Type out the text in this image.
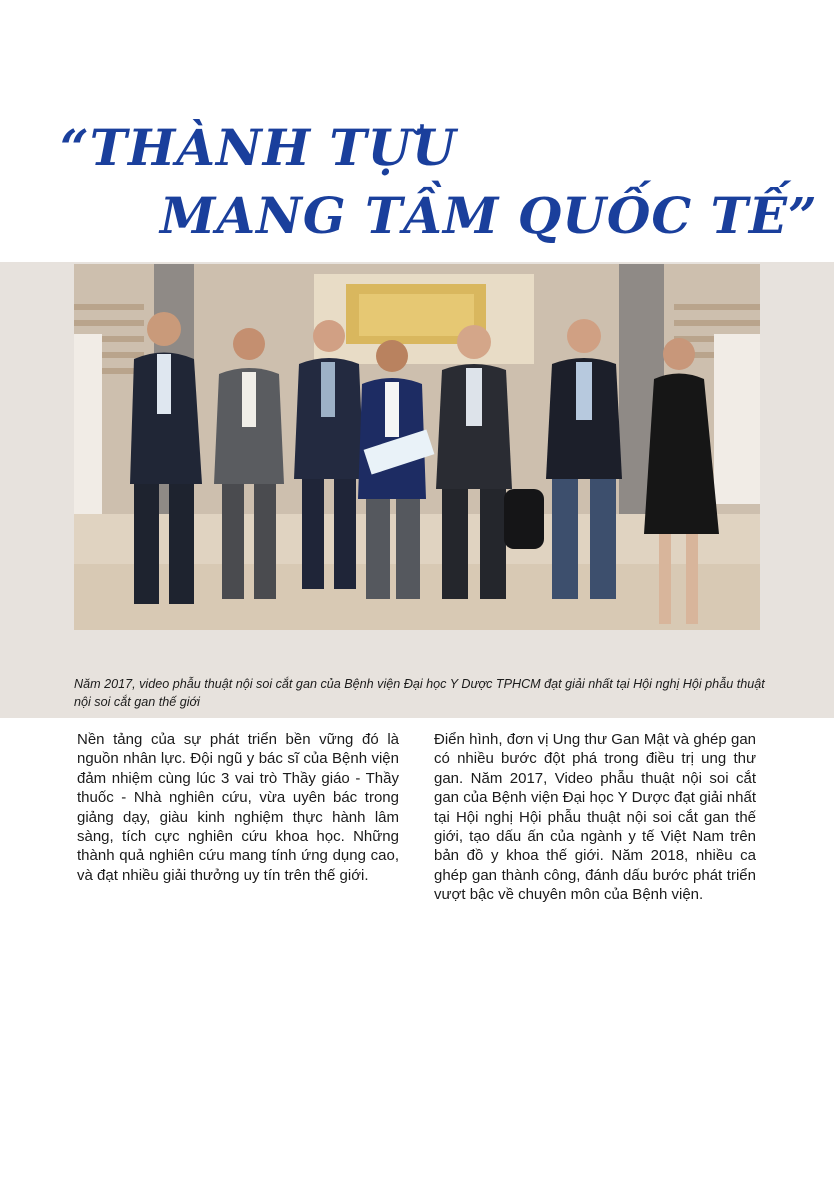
“THÀNH TỰU
MANG TẦM QUỐC TẾ”
Năm 2017, video phẫu thuật nội soi cắt gan của Bệnh viện Đại học Y Dược TPHCM đạt giải nhất tại Hội nghị Hội phẫu thuật nội soi cắt gan thế giới
Nền tảng của sự phát triển bền vững đó là nguồn nhân lực. Đội ngũ y bác sĩ của Bệnh viện đảm nhiệm cùng lúc 3 vai trò Thầy giáo - Thầy thuốc - Nhà nghiên cứu, vừa uyên bác trong giảng dạy, giàu kinh nghiệm thực hành lâm sàng, tích cực nghiên cứu khoa học. Những thành quả nghiên cứu mang tính ứng dụng cao, và đạt nhiều giải thưởng uy tín trên thế giới.
Điển hình, đơn vị Ung thư Gan Mật và ghép gan có nhiều bước đột phá trong điều trị ung thư gan. Năm 2017, Video phẫu thuật nội soi cắt gan của Bệnh viện Đại học Y Dược đạt giải nhất tại Hội nghị Hội phẫu thuật nội soi cắt gan thế giới, tạo dấu ấn của ngành y tế Việt Nam trên bản đồ y khoa thế giới. Năm 2018, nhiều ca ghép gan thành công, đánh dấu bước phát triển vượt bậc về chuyên môn của Bệnh viện.
